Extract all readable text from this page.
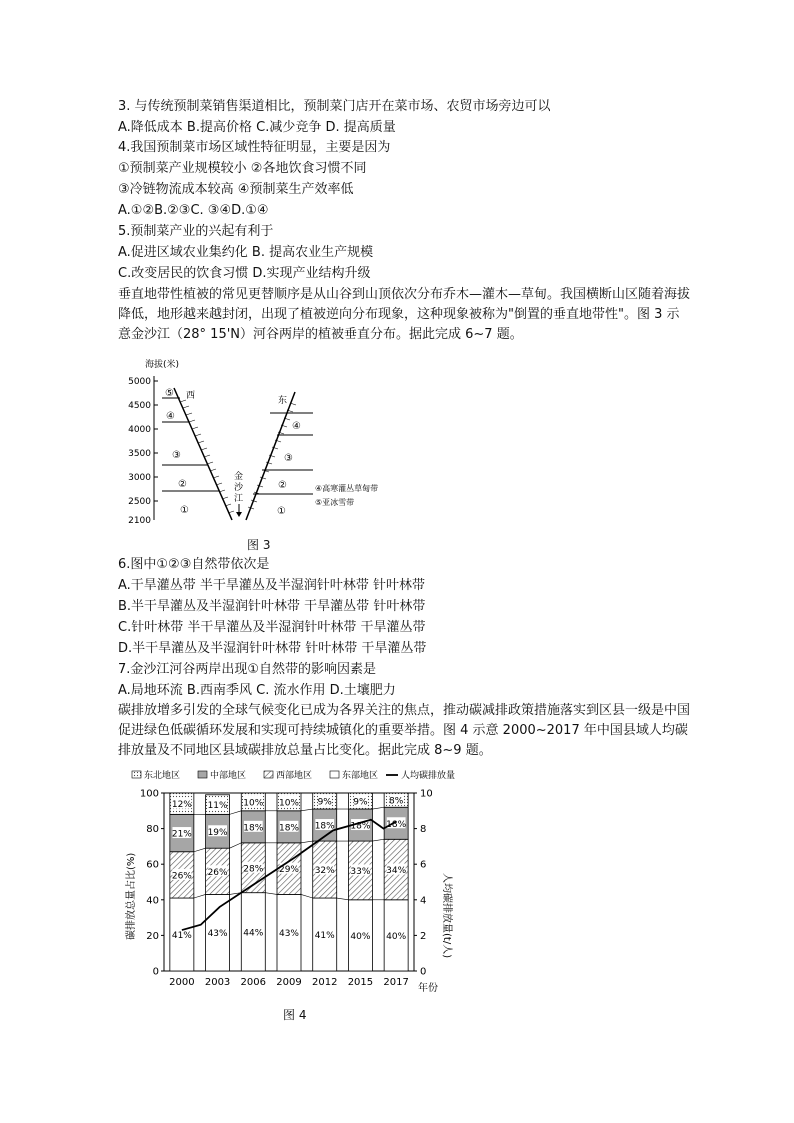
3. 与传统预制菜销售渠道相比，预制菜门店开在菜市场、农贸市场旁边可以
A.降低成本 B.提高价格 C.减少竞争 D. 提高质量
4.我国预制菜市场区域性特征明显，主要是因为
①预制菜产业规模较小 ②各地饮食习惯不同
③冷链物流成本较高 ④预制菜生产效率低
A.①②B.②③C. ③④D.①④
5.预制菜产业的兴起有利于
A.促进区域农业集约化 B. 提高农业生产规模
C.改变居民的饮食习惯 D.实现产业结构升级
垂直地带性植被的常见更替顺序是从山谷到山顶依次分布乔木—灌木—草甸。我国横断山区随着海拔降低，地形越来越封闭，出现了植被逆向分布现象，这种现象被称为"倒置的垂直地带性"。图 3 示意金沙江（28° 15'N）河谷两岸的植被垂直分布。据此完成 6~7 题。
海拔(米)
5000
4500
4000
3500
3000
2500
2100
⑤
④
③
②
①
④
③
②
①
西	东
金
沙
江
④高寒灌丛草甸带
⑤亚冰雪带
图 3
6.图中①②③自然带依次是
A.干旱灌丛带 半干旱灌丛及半湿润针叶林带 针叶林带
B.半干旱灌丛及半湿润针叶林带 干旱灌丛带 针叶林带
C.针叶林带 半干旱灌丛及半湿润针叶林带 干旱灌丛带
D.半干旱灌丛及半湿润针叶林带 针叶林带 干旱灌丛带
7.金沙江河谷两岸出现①自然带的影响因素是
A.局地环流 B.西南季风 C. 流水作用 D.土壤肥力
碳排放增多引发的全球气候变化已成为各界关注的焦点，推动碳减排政策措施落实到区县一级是中国促进绿色低碳循环发展和实现可持续城镇化的重要举措。图 4 示意 2000~2017 年中国县域人均碳排放量及不同地区县域碳排放总量占比变化。据此完成 8~9 题。
东北地区	中部地区	西部地区	东部地区	人均碳排放量
0
20
40
60
80
100
0
2
4
6
8
10
2000 2003 2006 2009 2012 2015 2017
41% 43% 44% 43% 41% 40% 40%
26% 26% 28% 29% 32% 33% 34%
21% 19% 18% 18% 18% 18% 18%
12% 11% 10% 10% 9% 9% 8%
碳排放总量占比(%)	人均碳排放量(t/人)
年份
图 4
